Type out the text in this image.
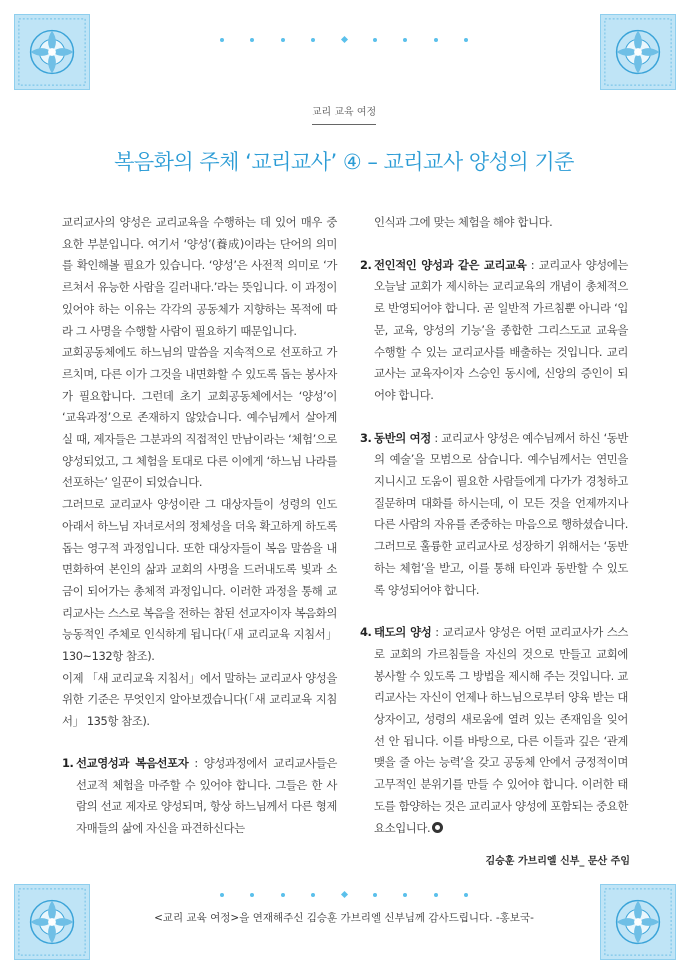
교리 교육 여정
복음화의 주체 ‘교리교사’ ④ – 교리교사 양성의 기준

교리교사의 양성은 교리교육을 수행하는 데 있어 매우 중요한 부분입니다. 여기서 ‘양성’(養成)이라는 단어의 의미를 확인해볼 필요가 있습니다. ‘양성’은 사전적 의미로 ‘가르쳐서 유능한 사람을 길러내다.’라는 뜻입니다. 이 과정이 있어야 하는 이유는 각각의 공동체가 지향하는 목적에 따라 그 사명을 수행할 사람이 필요하기 때문입니다.

교회공동체에도 하느님의 말씀을 지속적으로 선포하고 가르치며, 다른 이가 그것을 내면화할 수 있도록 돕는 봉사자가 필요합니다. 그런데 초기 교회공동체에서는 ‘양성’이 ‘교육과정’으로 존재하지 않았습니다. 예수님께서 살아계실 때, 제자들은 그분과의 직접적인 만남이라는 ‘체험’으로 양성되었고, 그 체험을 토대로 다른 이에게 ‘하느님 나라를 선포하는’ 일꾼이 되었습니다.

그러므로 교리교사 양성이란 그 대상자들이 성령의 인도 아래서 하느님 자녀로서의 정체성을 더욱 확고하게 하도록 돕는 영구적 과정입니다. 또한 대상자들이 복음 말씀을 내면화하여 본인의 삶과 교회의 사명을 드러내도록 빛과 소금이 되어가는 총체적 과정입니다. 이러한 과정을 통해 교리교사는 스스로 복음을 전하는 참된 선교자이자 복음화의 능동적인 주체로 인식하게 됩니다(「새 교리교육 지침서」 130~132항 참조).

이제 「새 교리교육 지침서」에서 말하는 교리교사 양성을 위한 기준은 무엇인지 알아보겠습니다(「새 교리교육 지침서」 135항 참조).

1. 선교영성과 복음선포자 : 양성과정에서 교리교사들은 선교적 체험을 마주할 수 있어야 합니다. 그들은 한 사람의 선교 제자로 양성되며, 항상 하느님께서 다른 형제자매들의 삶에 자신을 파견하신다는
인식과 그에 맞는 체험을 해야 합니다.
2. 전인적인 양성과 같은 교리교육 : 교리교사 양성에는 오늘날 교회가 제시하는 교리교육의 개념이 총체적으로 반영되어야 합니다. 곧 일반적 가르침뿐 아니라 ‘입문, 교육, 양성의 기능’을 종합한 그리스도교 교육을 수행할 수 있는 교리교사를 배출하는 것입니다. 교리교사는 교육자이자 스승인 동시에, 신앙의 증인이 되어야 합니다.
3. 동반의 여정 : 교리교사 양성은 예수님께서 하신 ‘동반의 예술’을 모범으로 삼습니다. 예수님께서는 연민을 지니시고 도움이 필요한 사람들에게 다가가 경청하고 질문하며 대화를 하시는데, 이 모든 것을 언제까지나 다른 사람의 자유를 존중하는 마음으로 행하셨습니다. 그러므로 훌륭한 교리교사로 성장하기 위해서는 ‘동반하는 체험’을 받고, 이를 통해 타인과 동반할 수 있도록 양성되어야 합니다.
4. 태도의 양성 : 교리교사 양성은 어떤 교리교사가 스스로 교회의 가르침들을 자신의 것으로 만들고 교회에 봉사할 수 있도록 그 방법을 제시해 주는 것입니다. 교리교사는 자신이 언제나 하느님으로부터 양육 받는 대상자이고, 성령의 새로움에 열려 있는 존재임을 잊어선 안 됩니다. 이를 바탕으로, 다른 이들과 깊은 ‘관계 맺을 줄 아는 능력’을 갖고 공동체 안에서 긍정적이며 고무적인 분위기를 만들 수 있어야 합니다. 이러한 태도를 함양하는 것은 교리교사 양성에 포함되는 중요한 요소입니다.
김승훈 가브리엘 신부_ 문산 주임
<교리 교육 여정>을 연재해주신 김승훈 가브리엘 신부님께 감사드립니다. -홍보국-
